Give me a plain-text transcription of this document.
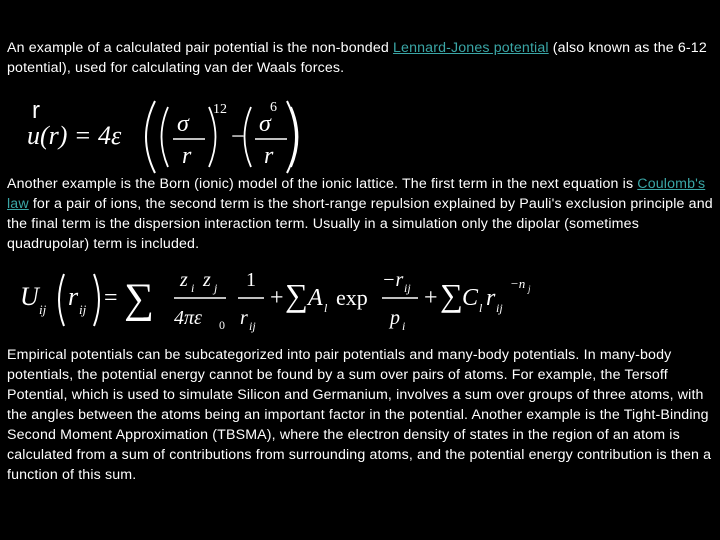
An example of a calculated pair potential is the non-bonded Lennard-Jones potential (also known as the 6-12 potential), used for calculating van der Waals forces.

r
u(r) = 4ε σ
r
12
− σ
r
6

Another example is the Born (ionic) model of the ionic lattice. The first term in the next equation is Coulomb's law for a pair of ions, the second term is the short-range repulsion explained by Pauli's exclusion principle and the final term is the dispersion interaction term. Usually in a simulation only the dipolar (sometimes quadrupolar) term is included.

U ij r ij = ∑ z i z j
4πε 0
1
r ij
+ ∑ A l exp
−r ij
p i
+ ∑ C l r ij
−n j

Empirical potentials can be subcategorized into pair potentials and many-body potentials. In many-body potentials, the potential energy cannot be found by a sum over pairs of atoms. For example, the Tersoff Potential, which is used to simulate Silicon and Germanium, involves a sum over groups of three atoms, with the angles between the atoms being an important factor in the potential. Another example is the Tight-Binding Second Moment Approximation (TBSMA), where the electron density of states in the region of an atom is calculated from a sum of contributions from surrounding atoms, and the potential energy contribution is then a function of this sum.
